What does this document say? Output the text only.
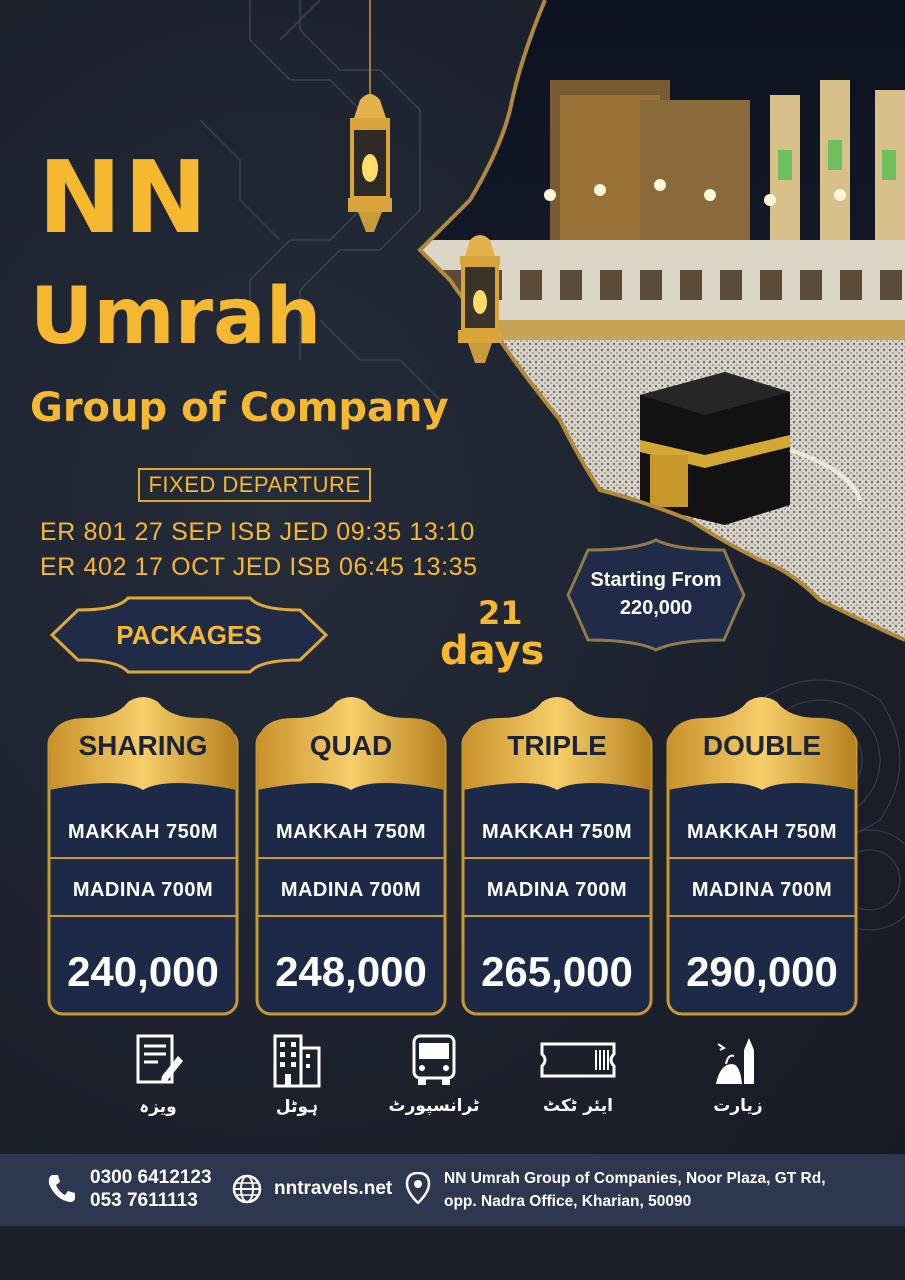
NN
Umrah
Group of Company
FIXED DEPARTURE
ER 801 27 SEP ISB JED 09:35 13:10
ER 402 17 OCT JED ISB 06:45 13:35
PACKAGES
21
days
Starting From
220,000
SHARING
MAKKAH 750M
MADINA 700M
240,000
QUAD
MAKKAH 750M
MADINA 700M
248,000
TRIPLE
MAKKAH 750M
MADINA 700M
265,000
DOUBLE
MAKKAH 750M
MADINA 700M
290,000
ویزہ	ہوٹل	ٹرانسپورٹ	ایئر ٹکٹ	زیارت
0300 6412123
053 7611113
nntravels.net	NN Umrah Group of Companies, Noor Plaza, GT Rd,
opp. Nadra Office, Kharian, 50090
